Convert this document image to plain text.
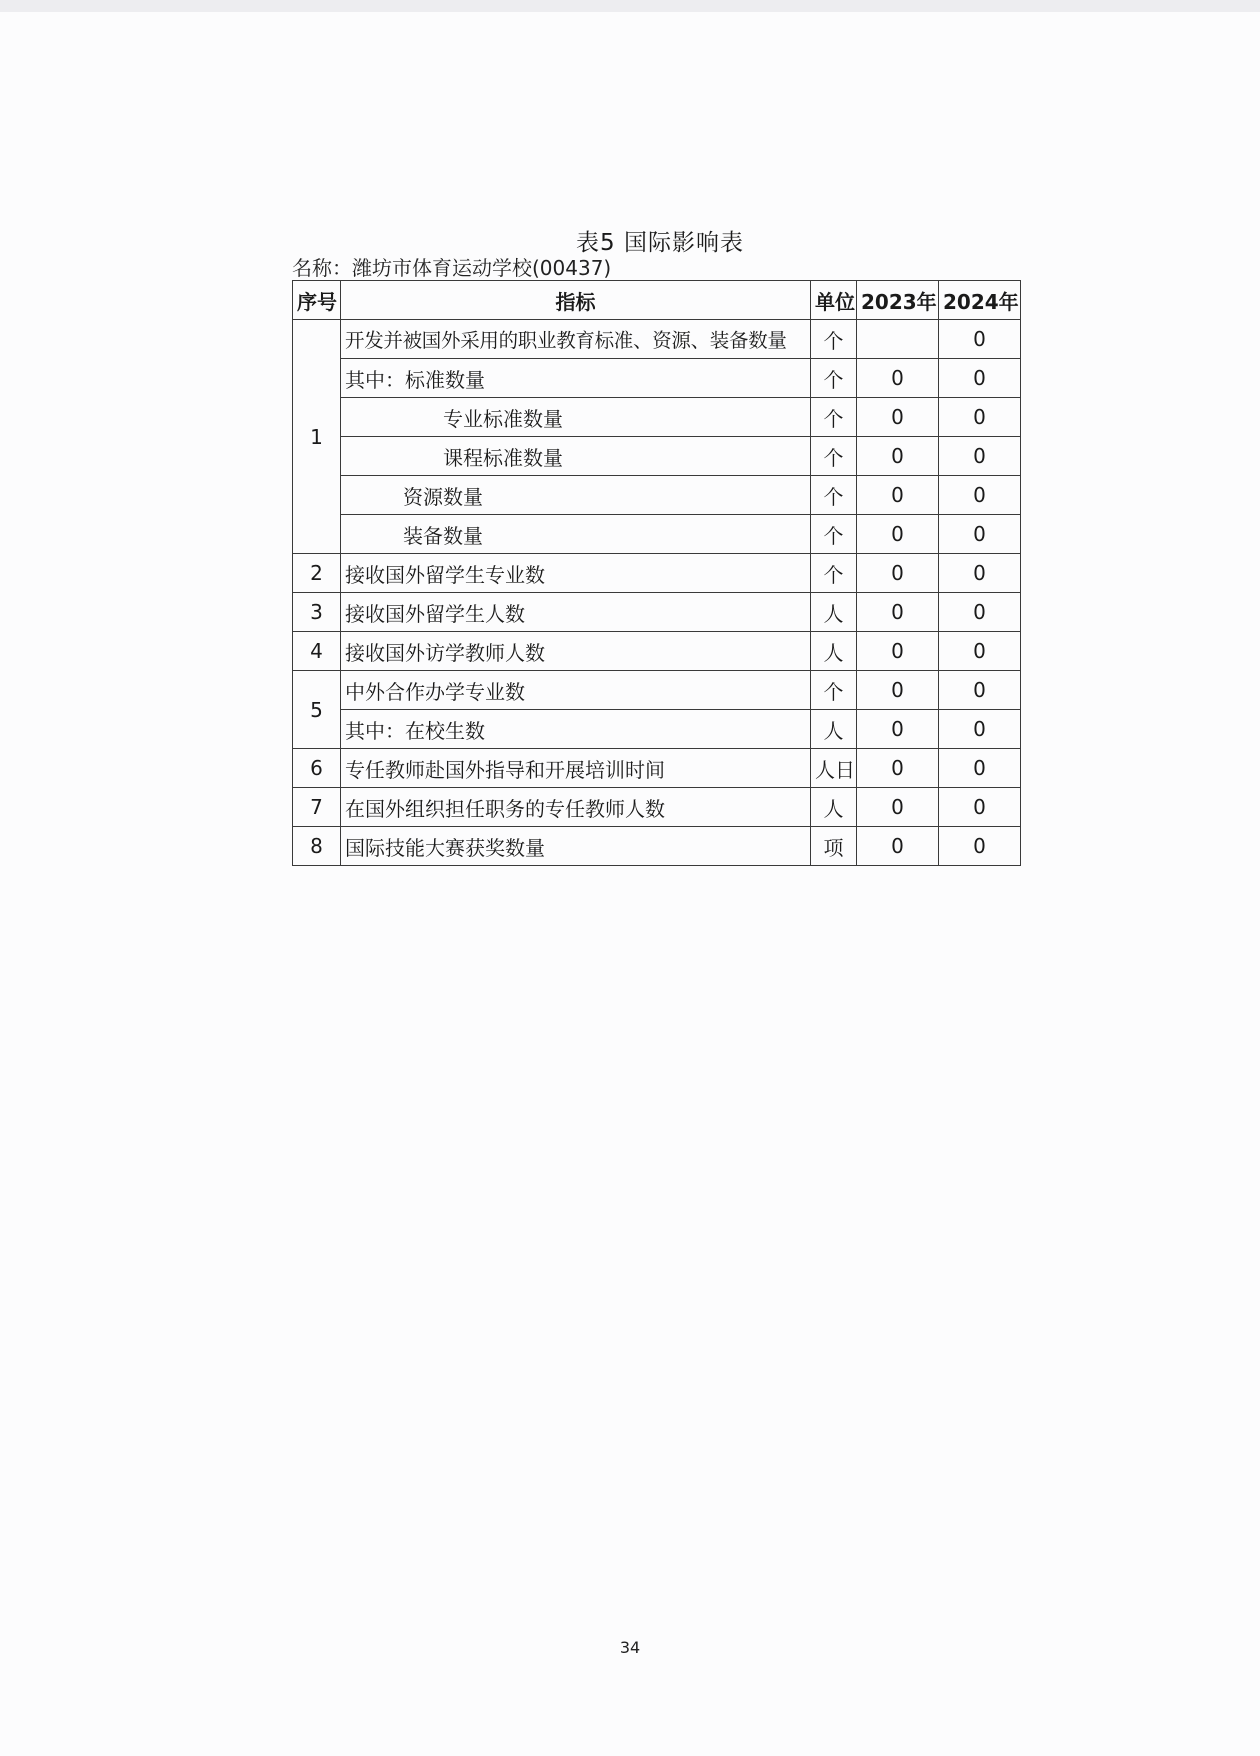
表5 国际影响表
名称：潍坊市体育运动学校(00437)
序号	指标	单位	2023年	2024年
1	开发并被国外采用的职业教育标准、资源、装备数量	个		0
	其中：标准数量	个	0	0
	专业标准数量	个	0	0
	课程标准数量	个	0	0
	资源数量	个	0	0
	装备数量	个	0	0
2	接收国外留学生专业数	个	0	0
3	接收国外留学生人数	人	0	0
4	接收国外访学教师人数	人	0	0
5	中外合作办学专业数	个	0	0
	其中：在校生数	人	0	0
6	专任教师赴国外指导和开展培训时间	人日	0	0
7	在国外组织担任职务的专任教师人数	人	0	0
8	国际技能大赛获奖数量	项	0	0
34
